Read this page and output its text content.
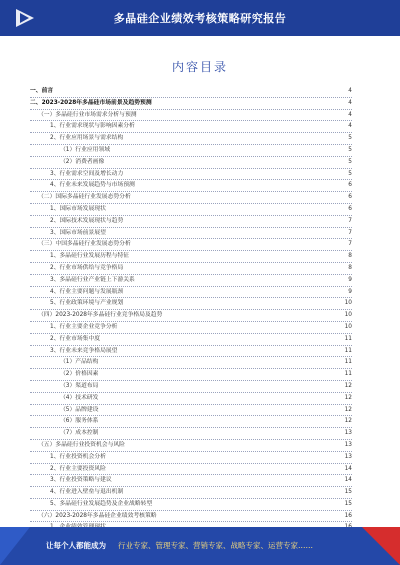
多晶硅企业绩效考核策略研究报告
内容目录
一、前言	4
二、2023-2028年多晶硅市场前景及趋势预测	4
（一）多晶硅行业市场需求分析与预测	4
1、行业需求现状与影响因素分析	4
2、行业应用场景与需求结构	5
（1）行业应用领域	5
（2）消费者画像	5
3、行业需求空间及增长动力	5
4、行业未来发展趋势与市场预测	6
（二）国际多晶硅行业发展态势分析	6
1、国际市场发展现状	6
2、国际技术发展现状与趋势	7
3、国际市场前景展望	7
（三）中国多晶硅行业发展态势分析	7
1、多晶硅行业发展历程与特征	8
2、行业市场供给与竞争格局	8
3、多晶硅行业产业链上下游关系	9
4、行业主要问题与发展瓶颈	9
5、行业政策环境与产业规划	10
（四）2023-2028年多晶硅行业竞争格局及趋势	10
1、行业主要企业竞争分析	10
2、行业市场集中度	11
3、行业未来竞争格局展望	11
（1）产品结构	11
（2）价格因素	11
（3）渠道布局	12
（4）技术研发	12
（5）品牌建设	12
（6）服务体系	12
（7）成本控制	13
（五）多晶硅行业投资机会与风险	13
1、行业投资机会分析	13
2、行业主要投资风险	14
3、行业投资策略与建议	14
4、行业进入壁垒与退出机制	15
5、多晶硅行业发展趋势及企业战略转型	15
（六）2023-2028年多晶硅企业绩效考核策略	16
让每个人都能成为 行业专家、管理专家、营销专家、战略专家、运营专家……
